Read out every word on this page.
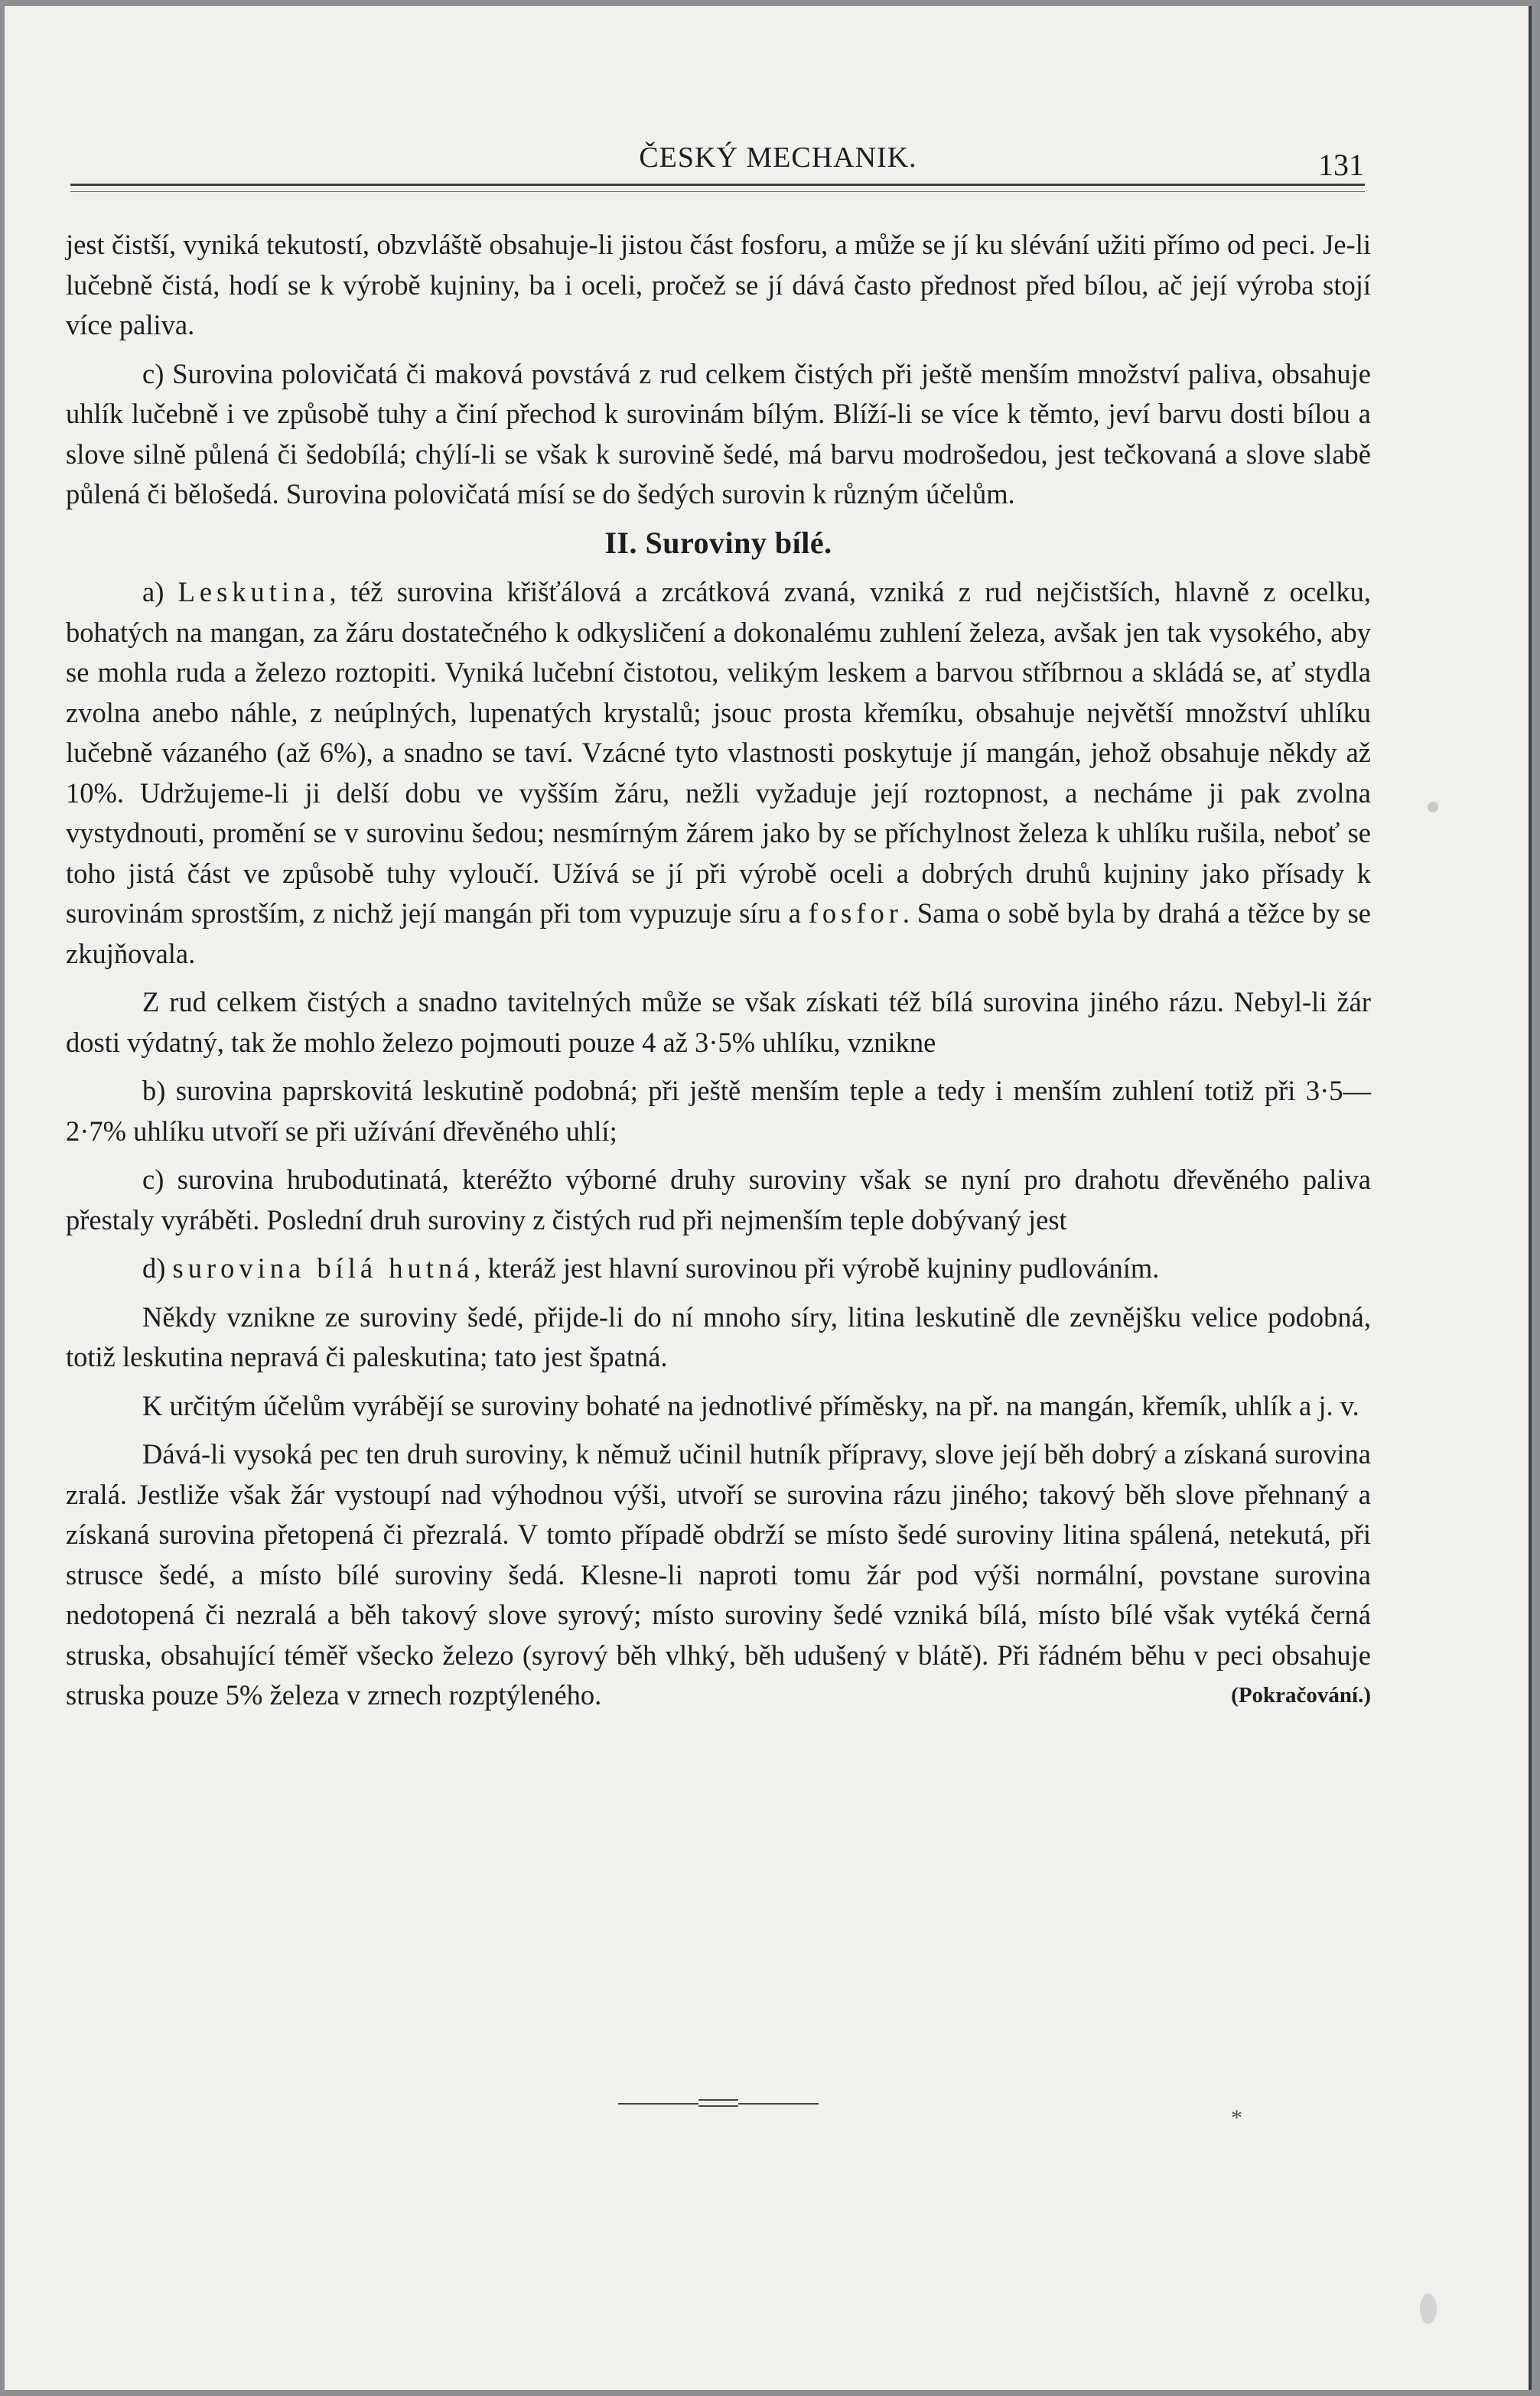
ČESKÝ MECHANIK.	131

jest čistší, vyniká tekutostí, obzvláště obsahuje-li jistou část fosforu, a může se jí ku slévání užiti přímo od peci. Je-li lučebně čistá, hodí se k výrobě kujniny, ba i oceli, pročež se jí dává často přednost před bílou, ač její výroba stojí více paliva.

c) Surovina polovičatá či maková povstává z rud celkem čistých při ještě menším množství paliva, obsahuje uhlík lučebně i ve způsobě tuhy a činí přechod k surovinám bílým. Blíží-li se více k těmto, jeví barvu dosti bílou a slove silně půlená či šedobílá; chýlí-li se však k surovině šedé, má barvu modrošedou, jest tečkovaná a slove slabě půlená či bělošedá. Surovina polovičatá mísí se do šedých surovin k různým účelům.

II. Suroviny bílé.

a) Leskutina, též surovina křišťálová a zrcátková zvaná, vzniká z rud nejčistších, hlavně z ocelku, bohatých na mangan, za žáru dostatečného k odkysličení a dokonalému zuhlení železa, avšak jen tak vysokého, aby se mohla ruda a železo roztopiti. Vyniká lučební čistotou, velikým leskem a barvou stříbrnou a skládá se, ať stydla zvolna anebo náhle, z neúplných, lupenatých krystalů; jsouc prosta křemíku, obsahuje největší množství uhlíku lučebně vázaného (až 6%), a snadno se taví. Vzácné tyto vlastnosti poskytuje jí mangán, jehož obsahuje někdy až 10%. Udržujeme-li ji delší dobu ve vyšším žáru, nežli vyžaduje její roztopnost, a necháme ji pak zvolna vystydnouti, promění se v surovinu šedou; nesmírným žárem jako by se příchylnost železa k uhlíku rušila, neboť se toho jistá část ve způsobě tuhy vyloučí. Užívá se jí při výrobě oceli a dobrých druhů kujniny jako přísady k surovinám sprostším, z nichž její mangán při tom vypuzuje síru a fosfor. Sama o sobě byla by drahá a těžce by se zkujňovala.

Z rud celkem čistých a snadno tavitelných může se však získati též bílá surovina jiného rázu. Nebyl-li žár dosti výdatný, tak že mohlo železo pojmouti pouze 4 až 3·5% uhlíku, vznikne

b) surovina paprskovitá leskutině podobná; při ještě menším teple a tedy i menším zuhlení totiž při 3·5—2·7% uhlíku utvoří se při užívání dřevěného uhlí;

c) surovina hrubodutinatá, kteréžto výborné druhy suroviny však se nyní pro drahotu dřevěného paliva přestaly vyráběti. Poslední druh suroviny z čistých rud při nejmenším teple dobývaný jest

d) surovina bílá hutná, kteráž jest hlavní surovinou při výrobě kujniny pudlováním.

Někdy vznikne ze suroviny šedé, přijde-li do ní mnoho síry, litina leskutině dle zevnějšku velice podobná, totiž leskutina nepravá či paleskutina; tato jest špatná.

K určitým účelům vyrábějí se suroviny bohaté na jednotlivé příměsky, na př. na mangán, křemík, uhlík a j. v.

Dává-li vysoká pec ten druh suroviny, k němuž učinil hutník přípravy, slove její běh dobrý a získaná surovina zralá. Jestliže však žár vystoupí nad výhodnou výši, utvoří se surovina rázu jiného; takový běh slove přehnaný a získaná surovina přetopená či přezralá. V tomto případě obdrží se místo šedé suroviny litina spálená, netekutá, při strusce šedé, a místo bílé suroviny šedá. Klesne-li naproti tomu žár pod výši normální, povstane surovina nedotopená či nezralá a běh takový slove syrový; místo suroviny šedé vzniká bílá, místo bílé však vytéká černá struska, obsahující téměř všecko železo (syrový běh vlhký, běh udušený v blátě). Při řádném běhu v peci obsahuje struska pouze 5% železa v zrnech rozptýleného.	(Pokračování.)

*
